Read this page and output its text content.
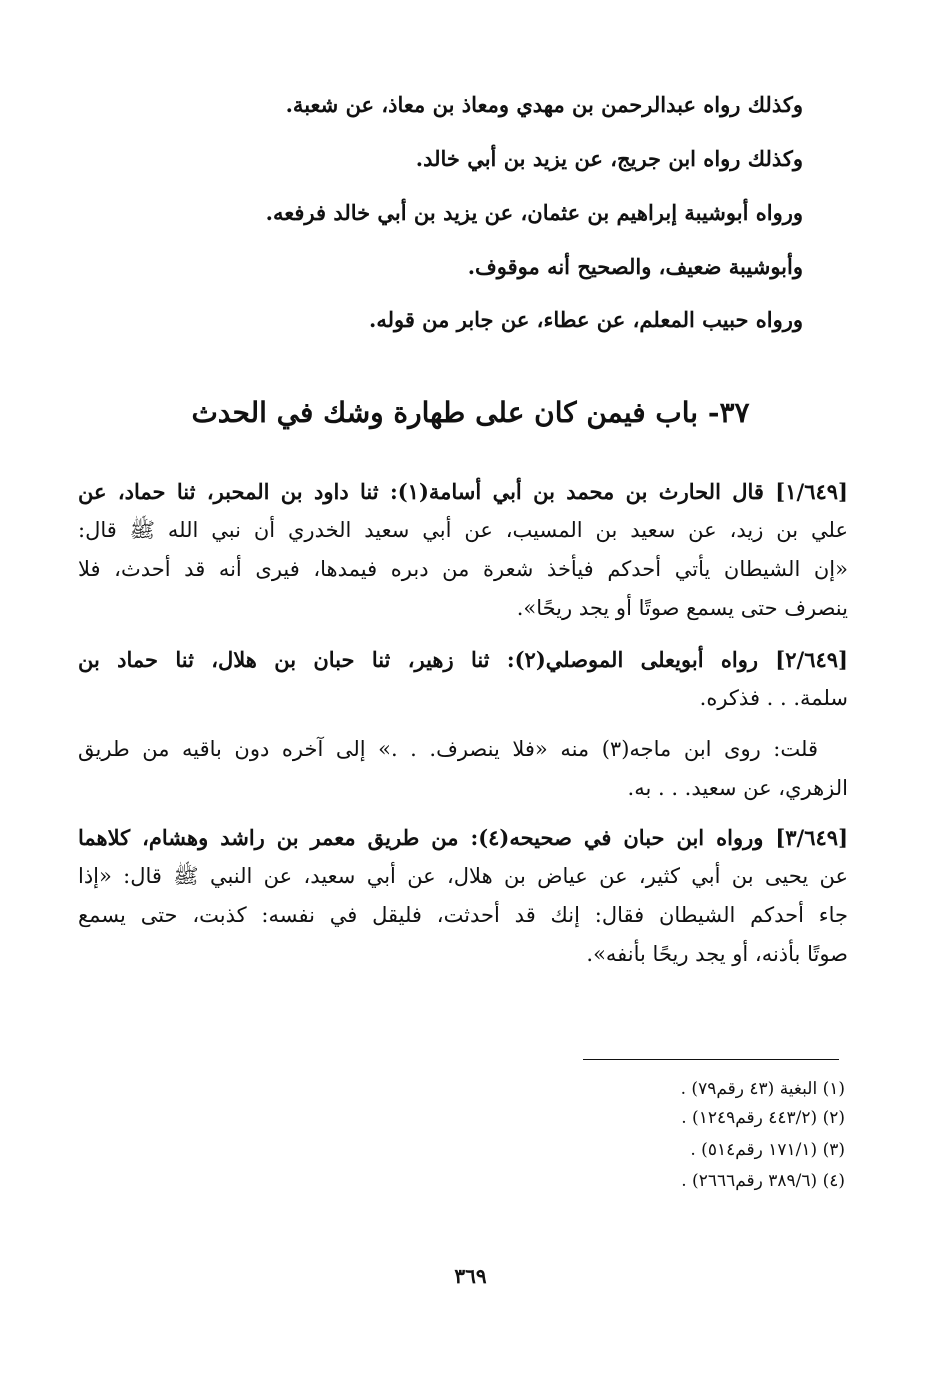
وكذلك رواه عبدالرحمن بن مهدي ومعاذ بن معاذ، عن شعبة.
وكذلك رواه ابن جريج، عن يزيد بن أبي خالد.
ورواه أبوشيبة إبراهيم بن عثمان، عن يزيد بن أبي خالد فرفعه.
وأبوشيبة ضعيف، والصحيح أنه موقوف.
ورواه حبيب المعلم، عن عطاء، عن جابر من قوله.
٣٧- باب فيمن كان على طهارة وشك في الحدث
[١/٦٤٩] قال الحارث بن محمد بن أبي أسامة(١): ثنا داود بن المحبر، ثنا حماد، عن
علي بن زيد، عن سعيد بن المسيب، عن أبي سعيد الخدري أن نبي الله ﷺ قال:
«إن الشيطان يأتي أحدكم فيأخذ شعرة من دبره فيمدها، فيرى أنه قد أحدث، فلا
ينصرف حتى يسمع صوتًا أو يجد ريحًا».
[٢/٦٤٩] رواه أبويعلى الموصلي(٢): ثنا زهير، ثنا حبان بن هلال، ثنا حماد بن
سلمة. . . فذكره.
قلت: روى ابن ماجه(٣) منه «فلا ينصرف. . .» إلى آخره دون باقيه من طريق
الزهري، عن سعيد. . . به.
[٣/٦٤٩] ورواه ابن حبان في صحيحه(٤): من طريق معمر بن راشد وهشام، كلاهما
عن يحيى بن أبي كثير، عن عياض بن هلال، عن أبي سعيد، عن النبي ﷺ قال: «إذا
جاء أحدكم الشيطان فقال: إنك قد أحدثت، فليقل في نفسه: كذبت، حتى يسمع
صوتًا بأذنه، أو يجد ريحًا بأنفه».
(١) البغية (٤٣ رقم٧٩) .
(٢) (٤٤٣/٢ رقم١٢٤٩) .
(٣) (١٧١/١ رقم٥١٤) .
(٤) (٣٨٩/٦ رقم٢٦٦٦) .
٣٦٩
